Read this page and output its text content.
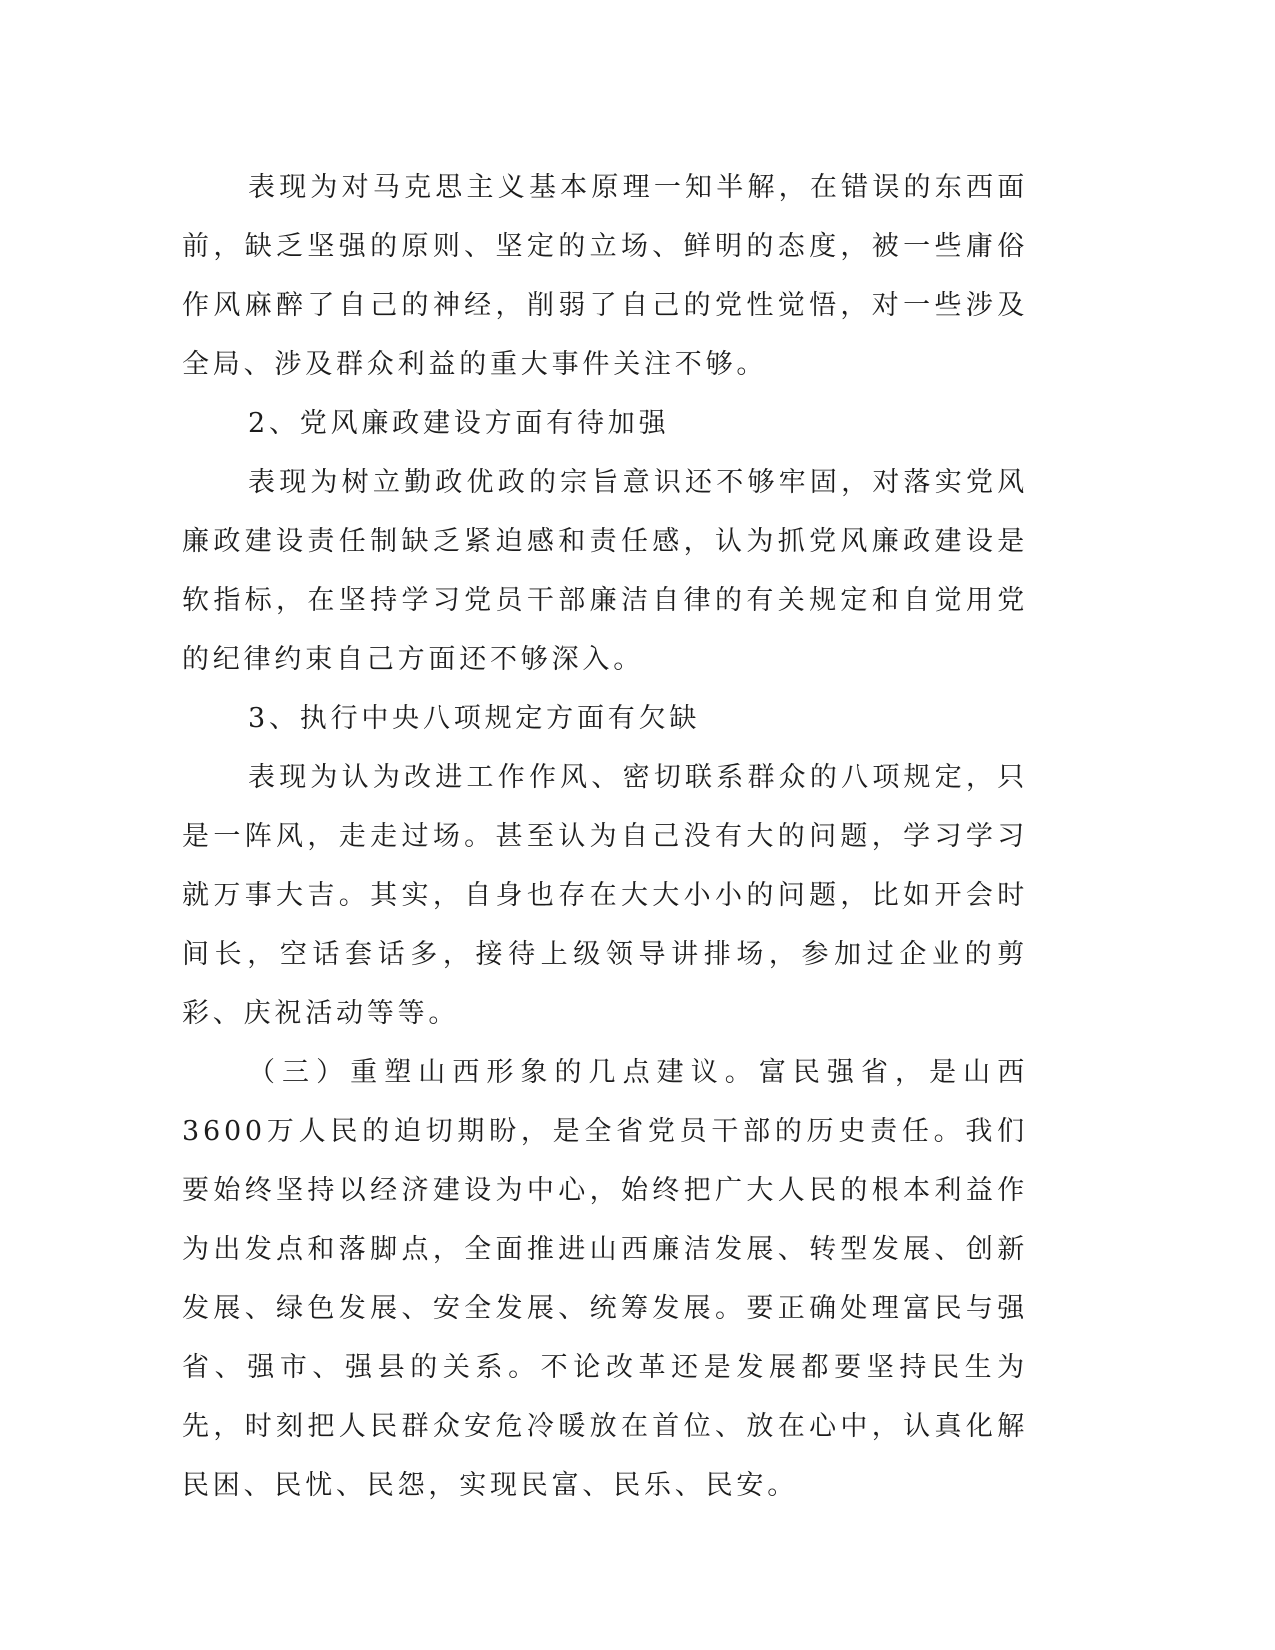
表现为对马克思主义基本原理一知半解，在错误的东西面前，缺乏坚强的原则、坚定的立场、鲜明的态度，被一些庸俗作风麻醉了自己的神经，削弱了自己的党性觉悟，对一些涉及全局、涉及群众利益的重大事件关注不够。

2、党风廉政建设方面有待加强

表现为树立勤政优政的宗旨意识还不够牢固，对落实党风廉政建设责任制缺乏紧迫感和责任感，认为抓党风廉政建设是软指标，在坚持学习党员干部廉洁自律的有关规定和自觉用党的纪律约束自己方面还不够深入。

3、执行中央八项规定方面有欠缺

表现为认为改进工作作风、密切联系群众的八项规定，只是一阵风，走走过场。甚至认为自己没有大的问题，学习学习就万事大吉。其实，自身也存在大大小小的问题，比如开会时间长，空话套话多，接待上级领导讲排场，参加过企业的剪彩、庆祝活动等等。

（三）重塑山西形象的几点建议。富民强省，是山西3600万人民的迫切期盼，是全省党员干部的历史责任。我们要始终坚持以经济建设为中心，始终把广大人民的根本利益作为出发点和落脚点，全面推进山西廉洁发展、转型发展、创新发展、绿色发展、安全发展、统筹发展。要正确处理富民与强省、强市、强县的关系。不论改革还是发展都要坚持民生为先，时刻把人民群众安危冷暖放在首位、放在心中，认真化解民困、民忧、民怨，实现民富、民乐、民安。
